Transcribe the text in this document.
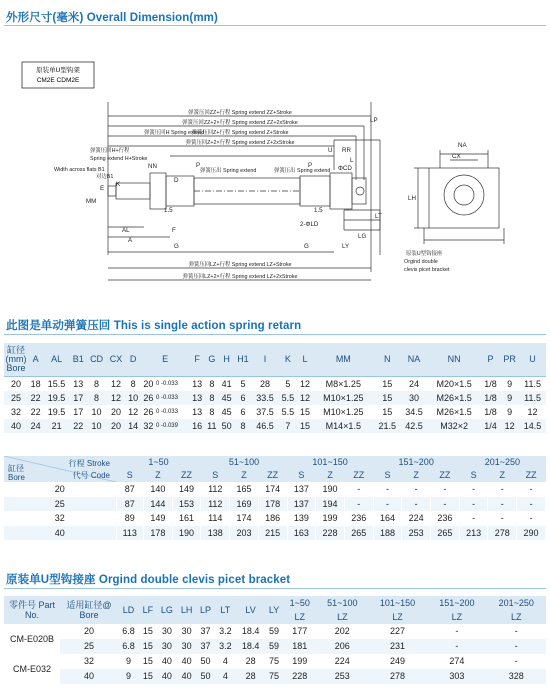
外形尺寸(毫米) Overall Dimension(mm)
原装单U型钩架
CM2E CDM2E
弹簧压回ZZ+行程 Spring extend ZZ+Stroke
弹簧压回ZZ+2×行程 Spring extend ZZ+2xStroke
弹簧压回H Spring extend
弹簧压回Z+行程 Spring extend Z+Stroke
弹簧压回Z+2×行程 Spring extend Z+2xStroke
弹簧压回H+行程
Spring extend H+Stroke
Width across flats B1
对边B1
弹簧压出 Spring extend	弹簧压出 Spring extend
弹簧压回LZ+行程 Spring extend LZ+Stroke
弹簧压回LZ+2×行程 Spring extend LZ+2xStroke
原装U型钩接座
Orgind double
clevis picet bracket
LP
RR
U
L
NA
CX
LH
LT
LG
LY
2-ΦLD
ΦCD
MM
AL
A
K
F
NN	P	P
G
G
D
E
1.5	1.5
此图是单动弹簧压回 This is single action spring retarn
缸径 (mm) Bore	A	AL	B1	CD	CX	D	E		F	G	H	H1	I	K	L	MM	N	NA	NN	P	PR	U
20	18	15.5	13	8	12	8	20	0 -0.033	13	8	41	5	28	5	12	M8×1.25	15	24	M20×1.5	1/8	9	11.5
25	22	19.5	17	8	12	10	26	0 -0.033	13	8	45	6	33.5	5.5	12	M10×1.25	15	30	M26×1.5	1/8	9	11.5
32	22	19.5	17	10	20	12	26	0 -0.033	13	8	45	6	37.5	5.5	15	M10×1.25	15	34.5	M26×1.5	1/8	9	12
40	24	21	22	10	20	14	32	0 -0.039	16	11	50	8	46.5	7	15	M14×1.5	21.5	42.5	M32×2	1/4	12	14.5
行程 Stroke
代号 Code
缸径
Bore	1~50			51~100			101~150			151~200			201~250		
	S	Z	ZZ	S	Z	ZZ	S	Z	ZZ	S	Z	ZZ	S	Z	ZZ
20	87	140	149	112	165	174	137	190	-	-	-	-	-	-	-
25	87	144	153	112	169	178	137	194	-	-	-	-	-	-	-
32	89	149	161	114	174	186	139	199	236	164	224	236	-	-	-
40	113	178	190	138	203	215	163	228	265	188	253	265	213	278	290
原装单U型钩接座 Orgind double clevis picet bracket
零件号 Part No.	适用缸径@ Bore	LD	LF	LG	LH	LP	LT	LV	LY	1~50	51~100	101~150	151~200	201~250
										LZ	LZ	LZ	LZ	LZ
CM-E020B	20	6.8	15	30	30	37	3.2	18.4	59	177	202	227	-	-
	25	6.8	15	30	30	37	3.2	18.4	59	181	206	231	-	-
CM-E032	32	9	15	40	40	50	4	28	75	199	224	249	274	-
	40	9	15	40	40	50	4	28	75	228	253	278	303	328
